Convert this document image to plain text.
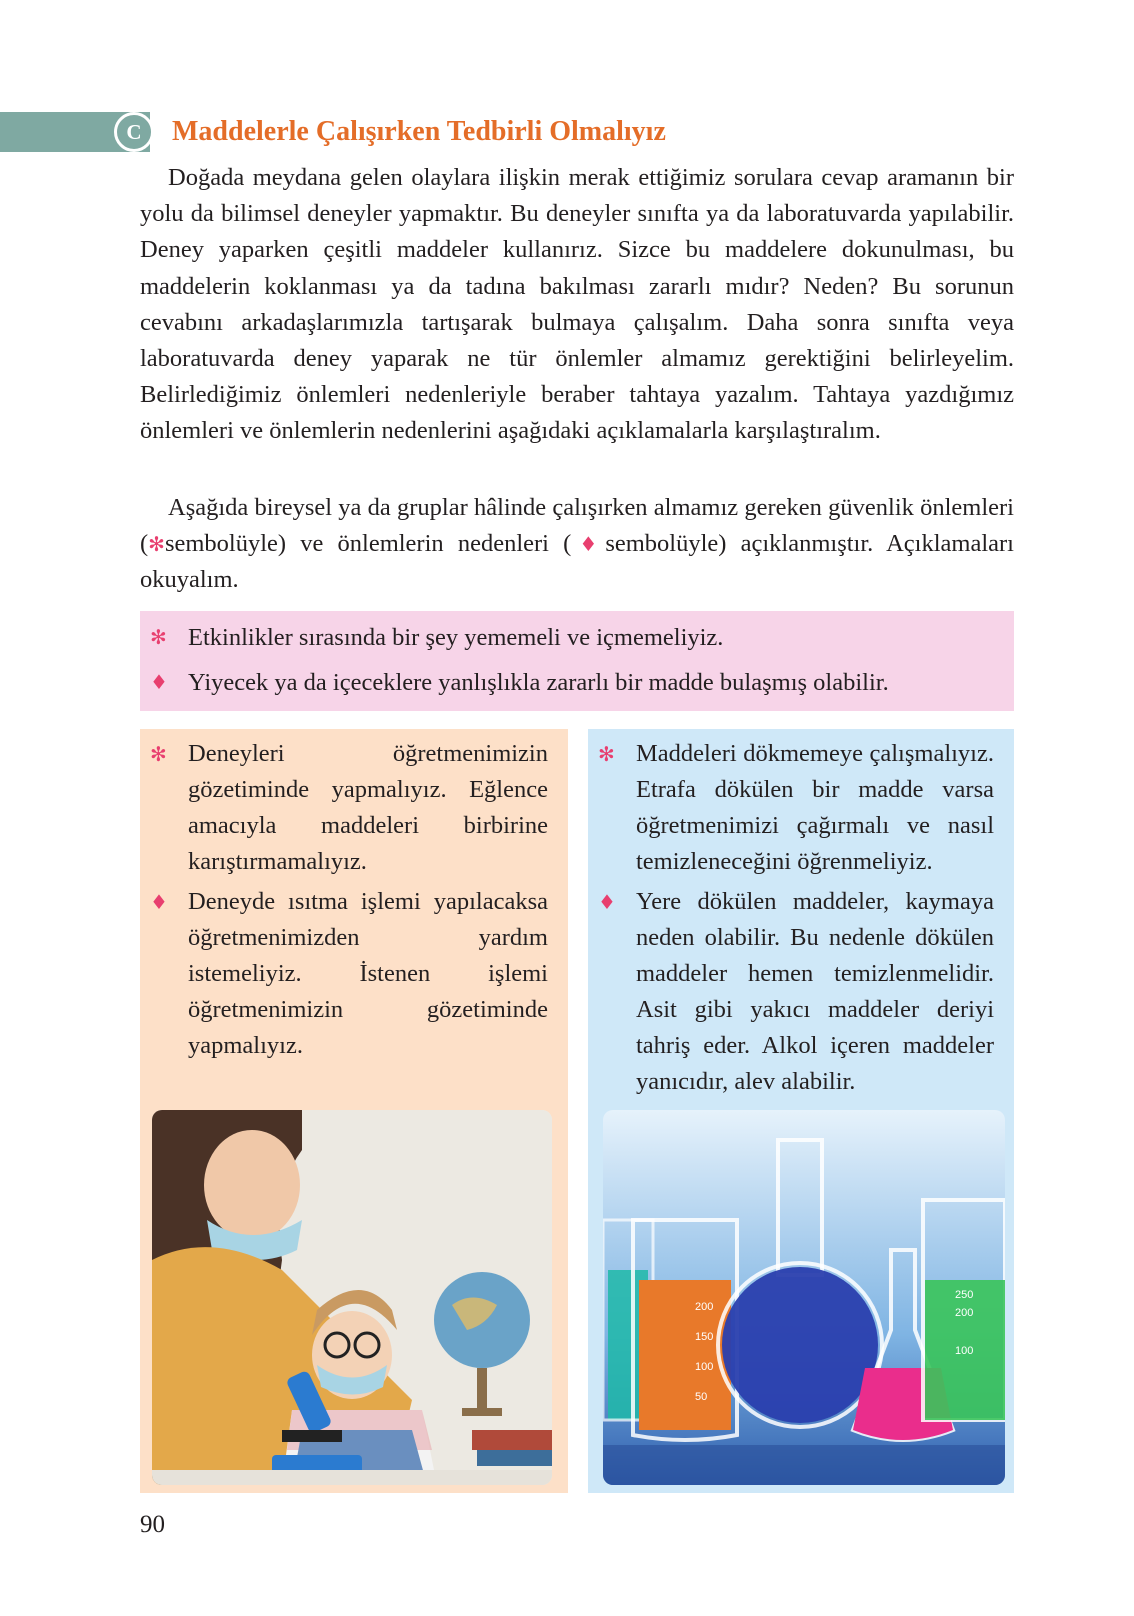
C	Maddelerle Çalışırken Tedbirli Olmalıyız

Doğada meydana gelen olaylara ilişkin merak ettiğimiz sorulara cevap aramanın bir yolu da bilimsel deneyler yapmaktır. Bu deneyler sınıfta ya da laboratuvarda yapılabilir. Deney yaparken çeşitli maddeler kullanırız. Sizce bu maddelere dokunulması, bu maddelerin koklanması ya da tadına bakılması zararlı mıdır? Neden? Bu sorunun cevabını arkadaşlarımızla tartışarak bulmaya çalışalım. Daha sonra sınıfta veya laboratuvarda deney yaparak ne tür önlemler almamız gerektiğini belirleyelim. Belirlediğimiz önlemleri nedenleriyle beraber tahtaya yazalım. Tahtaya yazdığımız önlemleri ve önlemlerin nedenlerini aşağıdaki açıklamalarla karşılaştıralım.

Aşağıda bireysel ya da gruplar hâlinde çalışırken almamız gereken güvenlik önlemleri (✻sembolüyle) ve önlemlerin nedenleri (♦sembolüyle) açıklanmıştır. Açıklamaları okuyalım.

✻ Etkinlikler sırasında bir şey yememeli ve içmemeliyiz.
♦ Yiyecek ya da içeceklere yanlışlıkla zararlı bir madde bulaşmış olabilir.
✻ Deneyleri öğretmenimizin gözetiminde yapmalıyız. Eğlence amacıyla maddeleri birbirine karıştırmamalıyız.
♦ Deneyde ısıtma işlemi yapılacaksa öğretmenimizden yardım istemeliyiz. İstenen işlemi öğretmenimizin gözetiminde yapmalıyız.
✻ Maddeleri dökmemeye çalışmalıyız. Etrafa dökülen bir madde varsa öğretmenimizi çağırmalı ve nasıl temizleneceğini öğrenmeliyiz.
♦ Yere dökülen maddeler, kaymaya neden olabilir. Bu nedenle dökülen maddeler hemen temizlenmelidir. Asit gibi yakıcı maddeler deriyi tahriş eder. Alkol içeren maddeler yanıcıdır, alev alabilir.
200
150
100
50
250
200
100

90
